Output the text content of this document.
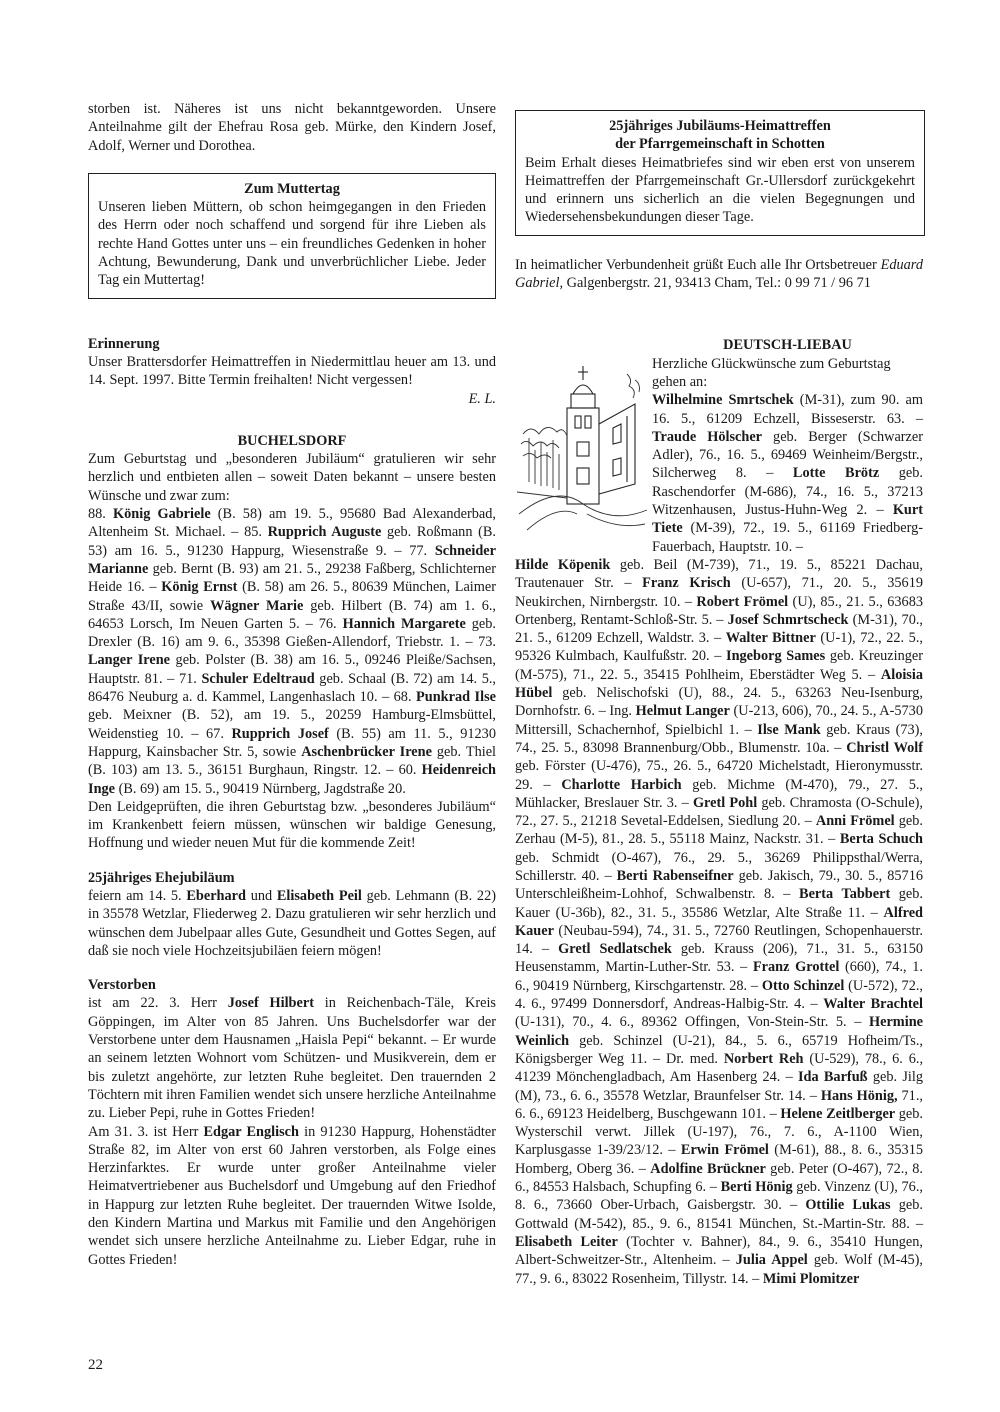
storben ist. Näheres ist uns nicht bekanntgeworden. Unsere Anteilnahme gilt der Ehefrau Rosa geb. Mürke, den Kindern Josef, Adolf, Werner und Dorothea.

Zum Muttertag

Unseren lieben Müttern, ob schon heimgegangen in den Frieden des Herrn oder noch schaffend und sorgend für ihre Lieben als rechte Hand Gottes unter uns – ein freundliches Gedenken in hoher Achtung, Bewunderung, Dank und unverbrüchlicher Liebe. Jeder Tag ein Muttertag!

Erinnerung

Unser Brattersdorfer Heimattreffen in Niedermittlau heuer am 13. und 14. Sept. 1997. Bitte Termin freihalten! Nicht vergessen!

E. L.
BUCHELSDORF

Zum Geburtstag und „besonderen Jubiläum“ gratulieren wir sehr herzlich und entbieten allen – soweit Daten bekannt – unsere besten Wünsche und zwar zum:

88. König Gabriele (B. 58) am 19. 5., 95680 Bad Alexanderbad, Altenheim St. Michael. – 85. Rupprich Auguste geb. Roßmann (B. 53) am 16. 5., 91230 Happurg, Wiesenstraße 9. – 77. Schneider Marianne geb. Bernt (B. 93) am 21. 5., 29238 Faßberg, Schlichterner Heide 16. – König Ernst (B. 58) am 26. 5., 80639 München, Laimer Straße 43/II, sowie Wägner Marie geb. Hilbert (B. 74) am 1. 6., 64653 Lorsch, Im Neuen Garten 5. – 76. Hannich Margarete geb. Drexler (B. 16) am 9. 6., 35398 Gießen-Allendorf, Triebstr. 1. – 73. Langer Irene geb. Polster (B. 38) am 16. 5., 09246 Pleiße/Sachsen, Hauptstr. 81. – 71. Schuler Edeltraud geb. Schaal (B. 72) am 14. 5., 86476 Neuburg a. d. Kammel, Langenhaslach 10. – 68. Punkrad Ilse geb. Meixner (B. 52), am 19. 5., 20259 Hamburg-Elmsbüttel, Weidenstieg 10. – 67. Rupprich Josef (B. 55) am 11. 5., 91230 Happurg, Kainsbacher Str. 5, sowie Aschenbrücker Irene geb. Thiel (B. 103) am 13. 5., 36151 Burghaun, Ringstr. 12. – 60. Heidenreich Inge (B. 69) am 15. 5., 90419 Nürnberg, Jagdstraße 20.

Den Leidgeprüften, die ihren Geburtstag bzw. „besonderes Jubiläum“ im Krankenbett feiern müssen, wünschen wir baldige Genesung, Hoffnung und wieder neuen Mut für die kommende Zeit!

25jähriges Ehejubiläum

feiern am 14. 5. Eberhard und Elisabeth Peil geb. Lehmann (B. 22) in 35578 Wetzlar, Fliederweg 2. Dazu gratulieren wir sehr herzlich und wünschen dem Jubelpaar alles Gute, Gesundheit und Gottes Segen, auf daß sie noch viele Hochzeitsjubiläen feiern mögen!

Verstorben

ist am 22. 3. Herr Josef Hilbert in Reichenbach-Täle, Kreis Göppingen, im Alter von 85 Jahren. Uns Buchelsdorfer war der Verstorbene unter dem Hausnamen „Haisla Pepi“ bekannt. – Er wurde an seinem letzten Wohnort vom Schützen- und Musikverein, dem er bis zuletzt angehörte, zur letzten Ruhe begleitet. Den trauernden 2 Töchtern mit ihren Familien wendet sich unsere herzliche Anteilnahme zu. Lieber Pepi, ruhe in Gottes Frieden!

Am 31. 3. ist Herr Edgar Englisch in 91230 Happurg, Hohenstädter Straße 82, im Alter von erst 60 Jahren verstorben, als Folge eines Herzinfarktes. Er wurde unter großer Anteilnahme vieler Heimatvertriebener aus Buchelsdorf und Umgebung auf den Friedhof in Happurg zur letzten Ruhe begleitet. Der trauernden Witwe Isolde, den Kindern Martina und Markus mit Familie und den Angehörigen wendet sich unsere herzliche Anteilnahme zu. Lieber Edgar, ruhe in Gottes Frieden!

25jähriges Jubiläums-Heimattreffen
der Pfarrgemeinschaft in Schotten

Beim Erhalt dieses Heimatbriefes sind wir eben erst von unserem Heimattreffen der Pfarrgemeinschaft Gr.-Ullersdorf zurückgekehrt und erinnern uns sicherlich an die vielen Begegnungen und Wiedersehensbekundungen dieser Tage.

In heimatlicher Verbundenheit grüßt Euch alle Ihr Ortsbetreuer Eduard Gabriel, Galgenbergstr. 21, 93413 Cham, Tel.: 0 99 71 / 96 71

DEUTSCH-LIEBAU
Herzliche Glückwünsche zum Geburtstag gehen an:

Wilhelmine Smrtschek (M-31), zum 90. am 16. 5., 61209 Echzell, Bisseserstr. 63. – Traude Hölscher geb. Berger (Schwarzer Adler), 76., 16. 5., 69469 Weinheim/Bergstr., Silcherweg 8. – Lotte Brötz geb. Raschendorfer (M-686), 74., 16. 5., 37213 Witzenhausen, Justus-Huhn-Weg 2. – Kurt Tiete (M-39), 72., 19. 5., 61169 Friedberg-Fauerbach, Hauptstr. 10. –

Hilde Köpenik geb. Beil (M-739), 71., 19. 5., 85221 Dachau, Trautenauer Str. – Franz Krisch (U-657), 71., 20. 5., 35619 Neukirchen, Nirnbergstr. 10. – Robert Frömel (U), 85., 21. 5., 63683 Ortenberg, Rentamt-Schloß-Str. 5. – Josef Schmrtscheck (M-31), 70., 21. 5., 61209 Echzell, Waldstr. 3. – Walter Bittner (U-1), 72., 22. 5., 95326 Kulmbach, Kaulfußstr. 20. – Ingeborg Sames geb. Kreuzinger (M-575), 71., 22. 5., 35415 Pohlheim, Eberstädter Weg 5. – Aloisia Hübel geb. Nelischofski (U), 88., 24. 5., 63263 Neu-Isenburg, Dornhofstr. 6. – Ing. Helmut Langer (U-213, 606), 70., 24. 5., A-5730 Mittersill, Schachernhof, Spielbichl 1. – Ilse Mank geb. Kraus (73), 74., 25. 5., 83098 Brannenburg/Obb., Blumenstr. 10a. – Christl Wolf geb. Förster (U-476), 75., 26. 5., 64720 Michelstadt, Hieronymusstr. 29. – Charlotte Harbich geb. Michme (M-470), 79., 27. 5., Mühlacker, Breslauer Str. 3. – Gretl Pohl geb. Chramosta (O-Schule), 72., 27. 5., 21218 Sevetal-Eddelsen, Siedlung 20. – Anni Frömel geb. Zerhau (M-5), 81., 28. 5., 55118 Mainz, Nackstr. 31. – Berta Schuch geb. Schmidt (O-467), 76., 29. 5., 36269 Philippsthal/Werra, Schillerstr. 40. – Berti Rabenseifner geb. Jakisch, 79., 30. 5., 85716 Unterschleißheim-Lohhof, Schwalbenstr. 8. – Berta Tabbert geb. Kauer (U-36b), 82., 31. 5., 35586 Wetzlar, Alte Straße 11. – Alfred Kauer (Neubau-594), 74., 31. 5., 72760 Reutlingen, Schopenhauerstr. 14. – Gretl Sedlatschek geb. Krauss (206), 71., 31. 5., 63150 Heusenstamm, Martin-Luther-Str. 53. – Franz Grottel (660), 74., 1. 6., 90419 Nürnberg, Kirschgartenstr. 28. – Otto Schinzel (U-572), 72., 4. 6., 97499 Donnersdorf, Andreas-Halbig-Str. 4. – Walter Brachtel (U-131), 70., 4. 6., 89362 Offingen, Von-Stein-Str. 5. – Hermine Weinlich geb. Schinzel (U-21), 84., 5. 6., 65719 Hofheim/Ts., Königsberger Weg 11. – Dr. med. Norbert Reh (U-529), 78., 6. 6., 41239 Mönchengladbach, Am Hasenberg 24. – Ida Barfuß geb. Jilg (M), 73., 6. 6., 35578 Wetzlar, Braunfelser Str. 14. – Hans Hönig, 71., 6. 6., 69123 Heidelberg, Buschgewann 101. – Helene Zeitlberger geb. Wysterschil verwt. Jillek (U-197), 76., 7. 6., A-1100 Wien, Karplusgasse 1-39/23/12. – Erwin Frömel (M-61), 88., 8. 6., 35315 Homberg, Oberg 36. – Adolfine Brückner geb. Peter (O-467), 72., 8. 6., 84553 Halsbach, Schupfing 6. – Berti Hönig geb. Vinzenz (U), 76., 8. 6., 73660 Ober-Urbach, Gaisbergstr. 30. – Ottilie Lukas geb. Gottwald (M-542), 85., 9. 6., 81541 München, St.-Martin-Str. 88. – Elisabeth Leiter (Tochter v. Bahner), 84., 9. 6., 35410 Hungen, Albert-Schweitzer-Str., Altenheim. – Julia Appel geb. Wolf (M-45), 77., 9. 6., 83022 Rosenheim, Tillystr. 14. – Mimi Plomitzer

22
